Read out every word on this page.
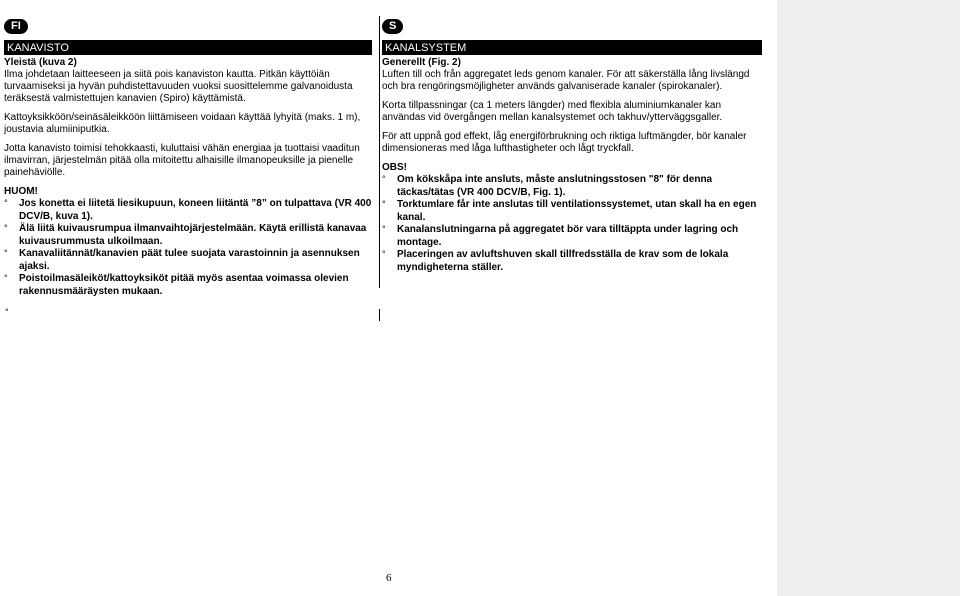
FI
KANAVISTO
Yleistä (kuva 2)

Ilma johdetaan laitteeseen ja siitä pois kanaviston kautta. Pitkän käyttöiän turvaamiseksi ja hyvän puhdistettavuuden vuoksi suosittelemme galvanoidusta teräksestä valmistettujen kanavien (Spiro) käyttämistä.

Kattoyksikköön/seinäsäleikköön liittämiseen voidaan käyttää lyhyitä (maks. 1 m), joustavia alumiiniputkia.

Jotta kanavisto toimisi tehokkaasti, kuluttaisi vähän energiaa ja tuottaisi vaaditun ilmavirran, järjestelmän pitää olla mitoitettu alhaisille ilmanopeuksille ja pienelle painehäviölle.

HUOM!
° Jos konetta ei liitetä liesikupuun, koneen liitäntä ”8” on tulpattava (VR 400 DCV/B, kuva 1).
° Älä liitä kuivausrumpua ilmanvaihtojärjestelmään. Käytä erillistä kanavaa kuivausrummusta ulkoilmaan.
° Kanavaliitännät/kanavien päät tulee suojata varastoinnin ja asennuksen ajaksi.
° Poistoilmasäleiköt/kattoyksiköt pitää myös asentaa voimassa olevien rakennusmääräysten mukaan.
S
KANALSYSTEM
Generellt (Fig. 2)

Luften till och från aggregatet leds genom kanaler. För att säkerställa lång livslängd och bra rengöringsmöjligheter används galvaniserade kanaler (spirokanaler).

Korta tillpassningar (ca 1 meters längder) med flexibla aluminiumkanaler kan användas vid övergången mellan kanalsystemet och takhuv/ytterväggsgaller.

För att uppnå god effekt, låg energiförbrukning och riktiga luftmängder, bör kanaler dimensioneras med låga lufthastigheter och lågt tryckfall.

OBS!
° Om kökskåpa inte ansluts, måste anslutningsstosen "8" för denna täckas/tätas (VR 400 DCV/B, Fig. 1).
° Torktumlare får inte anslutas till ventilationssystemet, utan skall ha en egen kanal.
° Kanalanslutningarna på aggregatet bör vara tilltäppta under lagring och montage.
° Placeringen av avluftshuven skall tillfredsställa de krav som de lokala myndigheterna ställer.
°
6
